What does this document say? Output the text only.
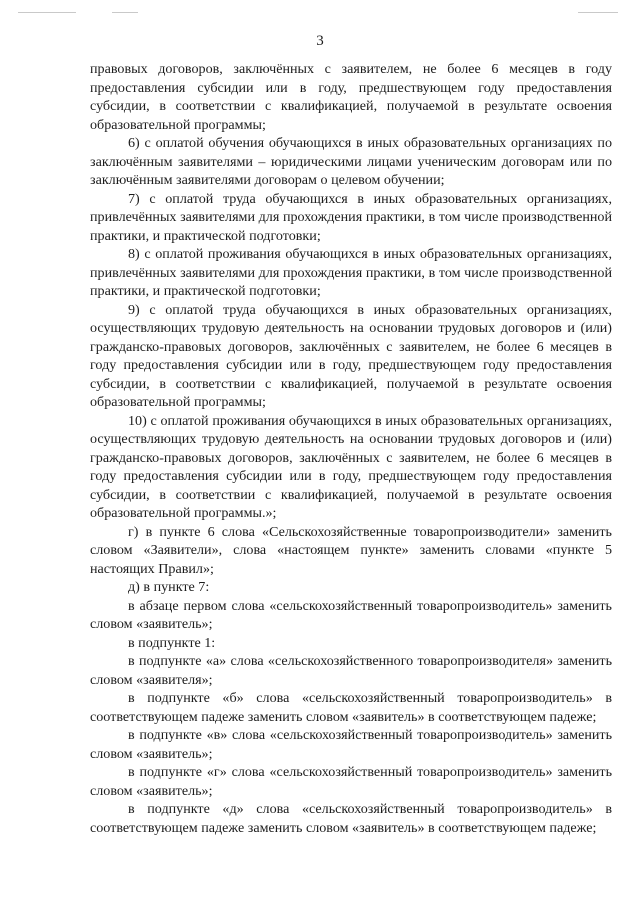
3

правовых договоров, заключённых с заявителем, не более 6 месяцев в году предоставления субсидии или в году, предшествующем году предоставления субсидии, в соответствии с квалификацией, получаемой в результате освоения образовательной программы;

6) с оплатой обучения обучающихся в иных образовательных организациях по заключённым заявителями – юридическими лицами ученическим договорам или по заключённым заявителями договорам о целевом обучении;

7) с оплатой труда обучающихся в иных образовательных организациях, привлечённых заявителями для прохождения практики, в том числе производственной практики, и практической подготовки;

8) с оплатой проживания обучающихся в иных образовательных организациях, привлечённых заявителями для прохождения практики, в том числе производственной практики, и практической подготовки;

9) с оплатой труда обучающихся в иных образовательных организациях, осуществляющих трудовую деятельность на основании трудовых договоров и (или) гражданско-правовых договоров, заключённых с заявителем, не более 6 месяцев в году предоставления субсидии или в году, предшествующем году предоставления субсидии, в соответствии с квалификацией, получаемой в результате освоения образовательной программы;

10) с оплатой проживания обучающихся в иных образовательных организациях, осуществляющих трудовую деятельность на основании трудовых договоров и (или) гражданско-правовых договоров, заключённых с заявителем, не более 6 месяцев в году предоставления субсидии или в году, предшествующем году предоставления субсидии, в соответствии с квалификацией, получаемой в результате освоения образовательной программы.»;

г) в пункте 6 слова «Сельскохозяйственные товаропроизводители» заменить словом «Заявители», слова «настоящем пункте» заменить словами «пункте 5 настоящих Правил»;

д) в пункте 7:

в абзаце первом слова «сельскохозяйственный товаропроизводитель» заменить словом «заявитель»;

в подпункте 1:

в подпункте «а» слова «сельскохозяйственного товаропроизводителя» заменить словом «заявителя»;

в подпункте «б» слова «сельскохозяйственный товаропроизводитель» в соответствующем падеже заменить словом «заявитель» в соответствующем падеже;

в подпункте «в» слова «сельскохозяйственный товаропроизводитель» заменить словом «заявитель»;

в подпункте «г» слова «сельскохозяйственный товаропроизводитель» заменить словом «заявитель»;

в подпункте «д» слова «сельскохозяйственный товаропроизводитель» в соответствующем падеже заменить словом «заявитель» в соответствующем падеже;
